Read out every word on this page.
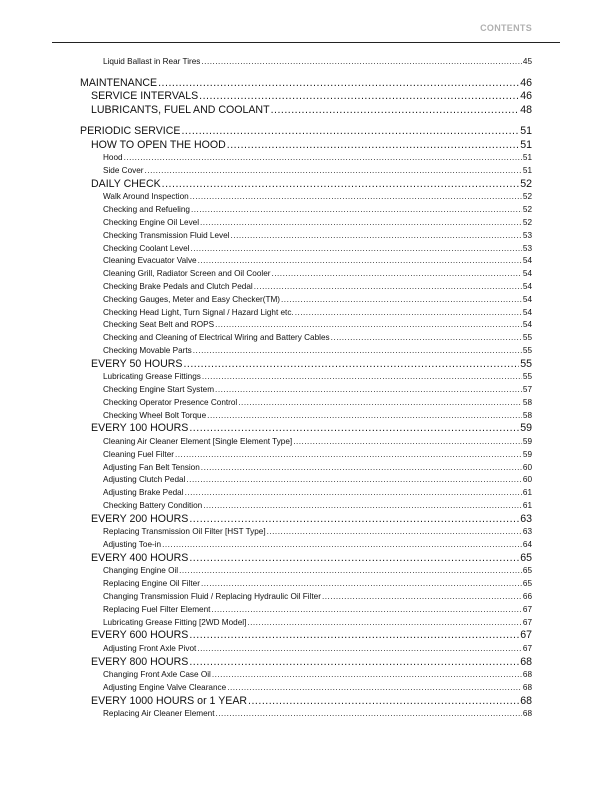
CONTENTS
Liquid Ballast in Rear Tires .....	45
MAINTENANCE .....	46
SERVICE INTERVALS .....	46
LUBRICANTS, FUEL AND COOLANT .....	48
PERIODIC SERVICE .....	51
HOW TO OPEN THE HOOD .....	51
Hood .....	51
Side Cover .....	51
DAILY CHECK .....	52
Walk Around Inspection .....	52
Checking and Refueling .....	52
Checking Engine Oil Level .....	52
Checking Transmission Fluid Level .....	53
Checking Coolant Level .....	53
Cleaning Evacuator Valve .....	54
Cleaning Grill, Radiator Screen and Oil Cooler .....	54
Checking Brake Pedals and Clutch Pedal .....	54
Checking Gauges, Meter and Easy Checker(TM) .....	54
Checking Head Light, Turn Signal / Hazard Light etc. .....	54
Checking Seat Belt and ROPS .....	54
Checking and Cleaning of Electrical Wiring and Battery Cables .....	55
Checking Movable Parts .....	55
EVERY 50 HOURS .....	55
Lubricating Grease Fittings .....	55
Checking Engine Start System .....	57
Checking Operator Presence Control .....	58
Checking Wheel Bolt Torque .....	58
EVERY 100 HOURS .....	59
Cleaning Air Cleaner Element [Single Element Type] .....	59
Cleaning Fuel Filter .....	59
Adjusting Fan Belt Tension .....	60
Adjusting Clutch Pedal .....	60
Adjusting Brake Pedal .....	61
Checking Battery Condition .....	61
EVERY 200 HOURS .....	63
Replacing Transmission Oil Filter [HST Type] .....	63
Adjusting Toe-in .....	64
EVERY 400 HOURS .....	65
Changing Engine Oil .....	65
Replacing Engine Oil Filter .....	65
Changing Transmission Fluid / Replacing Hydraulic Oil Filter .....	66
Replacing Fuel Filter Element .....	67
Lubricating Grease Fitting [2WD Model] .....	67
EVERY 600 HOURS .....	67
Adjusting Front Axle Pivot .....	67
EVERY 800 HOURS .....	68
Changing Front Axle Case Oil .....	68
Adjusting Engine Valve Clearance .....	68
EVERY 1000 HOURS or 1 YEAR .....	68
Replacing Air Cleaner Element .....	68
